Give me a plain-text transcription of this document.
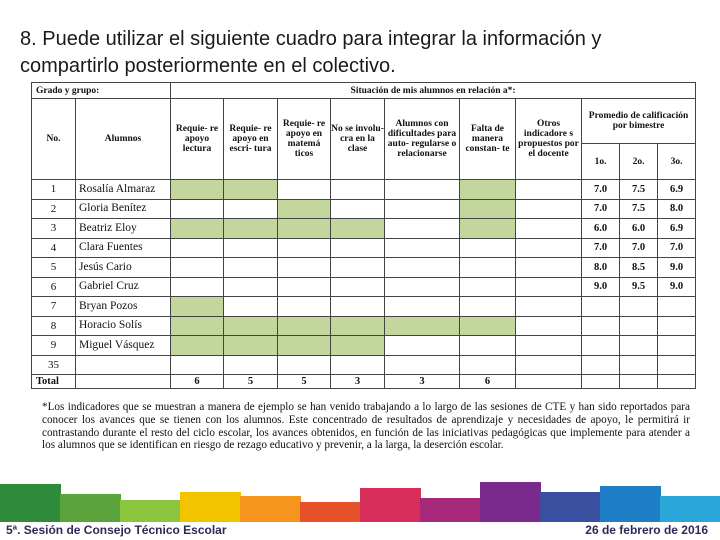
8. Puede utilizar el siguiente cuadro para integrar la información y
compartirlo posteriormente en el colectivo.
Grado y grupo:		Situación de mis alumnos en relación a*:									
No.	Alumnos	Requie- re apoyo lectura	Requie- re apoyo en escri- tura	Requie- re apoyo en matemá ticos	No se involu- cra en la clase	Alumnos con dificultades para auto- regularse o relacionarse	Falta de manera constan- te	Otros indicadore s propuestos por el docente	Promedio de calificación por bimestre		
									1o.	2o.	3o.
1	Rosalía Almaraz								7.0	7.5	6.9
2	Gloria Benítez								7.0	7.5	8.0
3	Beatriz Eloy								6.0	6.0	6.9
4	Clara Fuentes								7.0	7.0	7.0
5	Jesús Cario								8.0	8.5	9.0
6	Gabriel Cruz								9.0	9.5	9.0
7	Bryan Pozos										
8	Horacio Solís										
9	Miguel Vásquez										
35											
Total		6	5	5	3	3	6				
*Los indicadores que se muestran a manera de ejemplo se han venido trabajando a lo largo de las sesiones de CTE y han sido reportados para conocer los avances que se tienen con los alumnos. Este concentrado de resultados de aprendizaje y necesidades de apoyo, le permitirá ir contrastando durante el resto del ciclo escolar, los avances obtenidos, en función de las iniciativas pedagógicas que implemente para atender a los alumnos que se identifican en riesgo de rezago educativo y prevenir, a la larga, la deserción escolar.
5ª. Sesión de Consejo Técnico Escolar	26 de febrero de 2016
